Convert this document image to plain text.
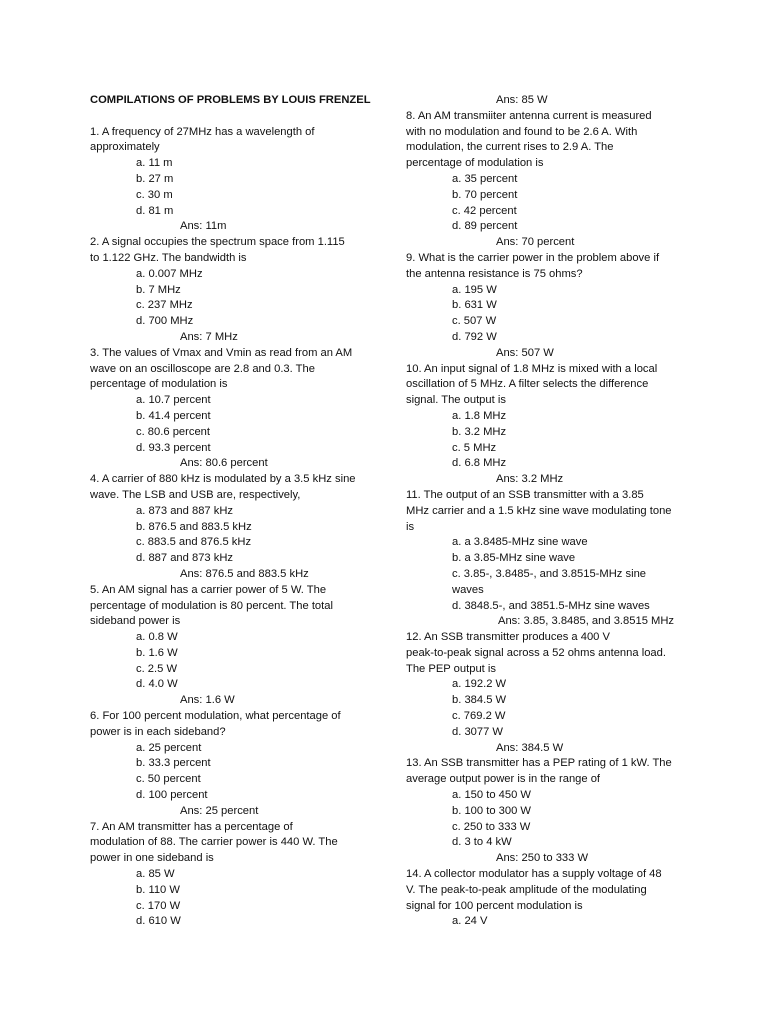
COMPILATIONS OF PROBLEMS BY LOUIS FRENZEL
1. A frequency of 27MHz has a wavelength of
approximately
a. 11 m
b. 27 m
c. 30 m
d. 81 m
Ans: 11m
2. A signal occupies the spectrum space from 1.115
to 1.122 GHz. The bandwidth is
a. 0.007 MHz
b. 7 MHz
c. 237 MHz
d. 700 MHz
Ans: 7 MHz
3. The values of Vmax and Vmin as read from an AM
wave on an oscilloscope are 2.8 and 0.3. The
percentage of modulation is
a. 10.7 percent
b. 41.4 percent
c. 80.6 percent
d. 93.3 percent
Ans: 80.6 percent
4. A carrier of 880 kHz is modulated by a 3.5 kHz sine
wave. The LSB and USB are, respectively,
a. 873 and 887 kHz
b. 876.5 and 883.5 kHz
c. 883.5 and 876.5 kHz
d. 887 and 873 kHz
Ans: 876.5 and 883.5 kHz
5. An AM signal has a carrier power of 5 W. The
percentage of modulation is 80 percent. The total
sideband power is
a. 0.8 W
b. 1.6 W
c. 2.5 W
d. 4.0 W
Ans: 1.6 W
6. For 100 percent modulation, what percentage of
power is in each sideband?
a. 25 percent
b. 33.3 percent
c. 50 percent
d. 100 percent
Ans: 25 percent
7. An AM transmitter has a percentage of
modulation of 88. The carrier power is 440 W. The
power in one sideband is
a. 85 W
b. 110 W
c. 170 W
d. 610 W
Ans: 85 W
8. An AM transmiiter antenna current is measured
with no modulation and found to be 2.6 A. With
modulation, the current rises to 2.9 A. The
percentage of modulation is
a. 35 percent
b. 70 percent
c. 42 percent
d. 89 percent
Ans: 70 percent
9. What is the carrier power in the problem above if
the antenna resistance is 75 ohms?
a. 195 W
b. 631 W
c. 507 W
d. 792 W
Ans: 507 W
10. An input signal of 1.8 MHz is mixed with a local
oscillation of 5 MHz. A filter selects the difference
signal. The output is
a. 1.8 MHz
b. 3.2 MHz
c. 5 MHz
d. 6.8 MHz
Ans: 3.2 MHz
11. The output of an SSB transmitter with a 3.85
MHz carrier and a 1.5 kHz sine wave modulating tone
is
a. a 3.8485-MHz sine wave
b. a 3.85-MHz sine wave
c. 3.85-, 3.8485-, and 3.8515-MHz sine
waves
d. 3848.5-, and 3851.5-MHz sine waves
Ans: 3.85, 3.8485, and 3.8515 MHz
12. An SSB transmitter produces a 400 V
peak-to-peak signal across a 52 ohms antenna load.
The PEP output is
a. 192.2 W
b. 384.5 W
c. 769.2 W
d. 3077 W
Ans: 384.5 W
13. An SSB transmitter has a PEP rating of 1 kW. The
average output power is in the range of
a. 150 to 450 W
b. 100 to 300 W
c. 250 to 333 W
d. 3 to 4 kW
Ans: 250 to 333 W
14. A collector modulator has a supply voltage of 48
V. The peak-to-peak amplitude of the modulating
signal for 100 percent modulation is
a. 24 V
